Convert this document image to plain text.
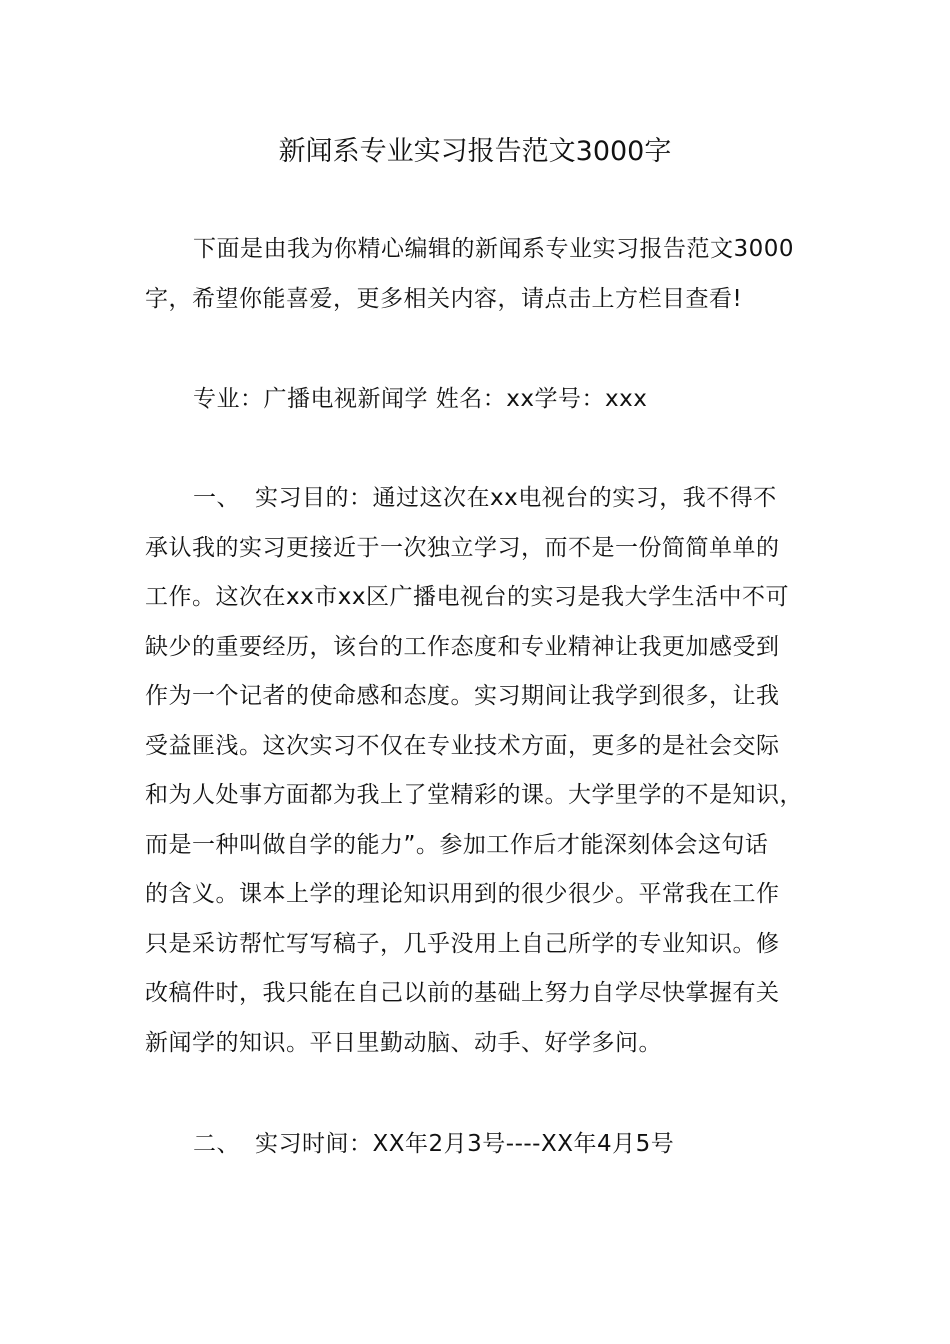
新闻系专业实习报告范文3000字
下面是由我为你精心编辑的新闻系专业实习报告范文3000
字，希望你能喜爱，更多相关内容，请点击上方栏目查看!
专业：广播电视新闻学 姓名：xx学号：xxx
一、 实习目的：通过这次在xx电视台的实习，我不得不
承认我的实习更接近于一次独立学习，而不是一份简简单单的
工作。这次在xx市xx区广播电视台的实习是我大学生活中不可
缺少的重要经历，该台的工作态度和专业精神让我更加感受到
作为一个记者的使命感和态度。实习期间让我学到很多，让我
受益匪浅。这次实习不仅在专业技术方面，更多的是社会交际
和为人处事方面都为我上了堂精彩的课。大学里学的不是知识，
而是一种叫做自学的能力”。参加工作后才能深刻体会这句话
的含义。课本上学的理论知识用到的很少很少。平常我在工作
只是采访帮忙写写稿子，几乎没用上自己所学的专业知识。修
改稿件时，我只能在自己以前的基础上努力自学尽快掌握有关
新闻学的知识。平日里勤动脑、动手、好学多问。
二、 实习时间：XX年2月3号----XX年4月5号
